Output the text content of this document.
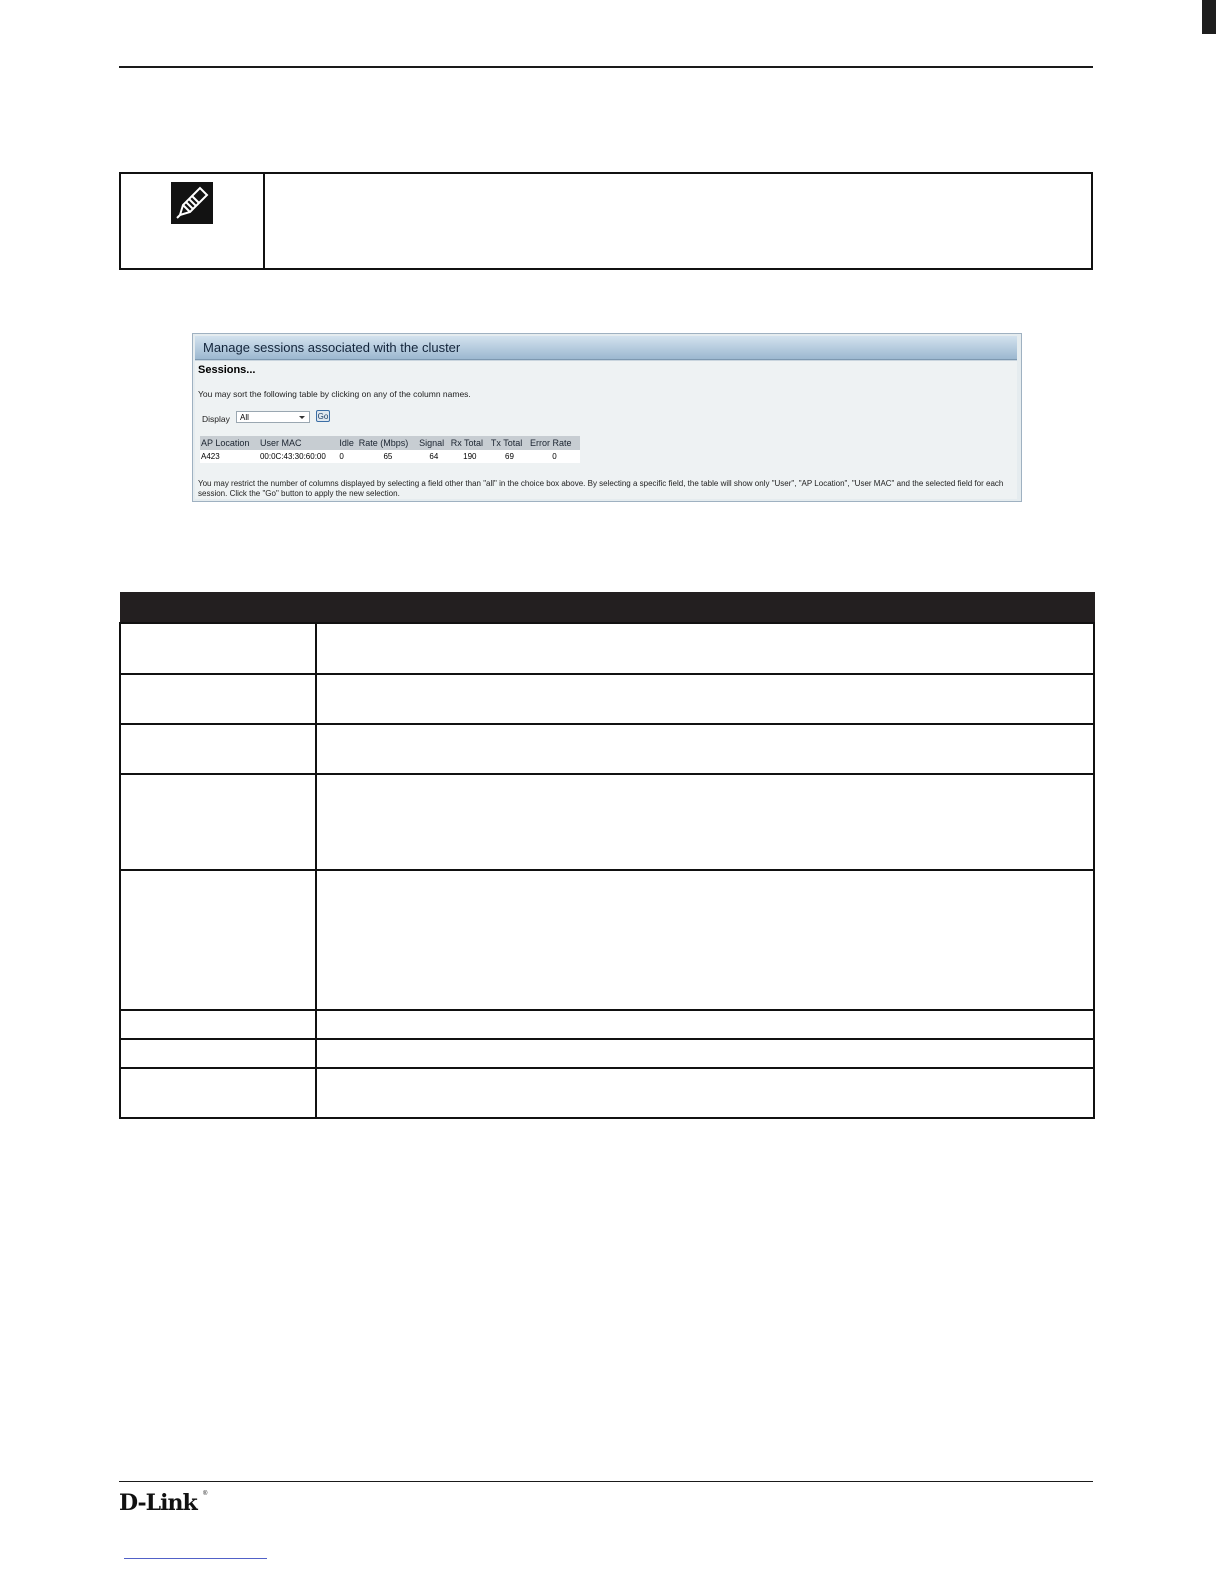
Manage sessions associated with the cluster
Sessions...
You may sort the following table by clicking on any of the column names.
Display	All	Go
AP Location	User MAC	Idle	Rate (Mbps)	Signal	Rx Total	Tx Total	Error Rate
A423	00:0C:43:30:60:00	0	65	64	190	69	0
You may restrict the number of columns displayed by selecting a field other than "all" in the choice box above. By selecting a specific field, the table will show only "User", "AP Location", "User MAC" and the selected field for each session. Click the "Go" button to apply the new selection.

D-Link ®
